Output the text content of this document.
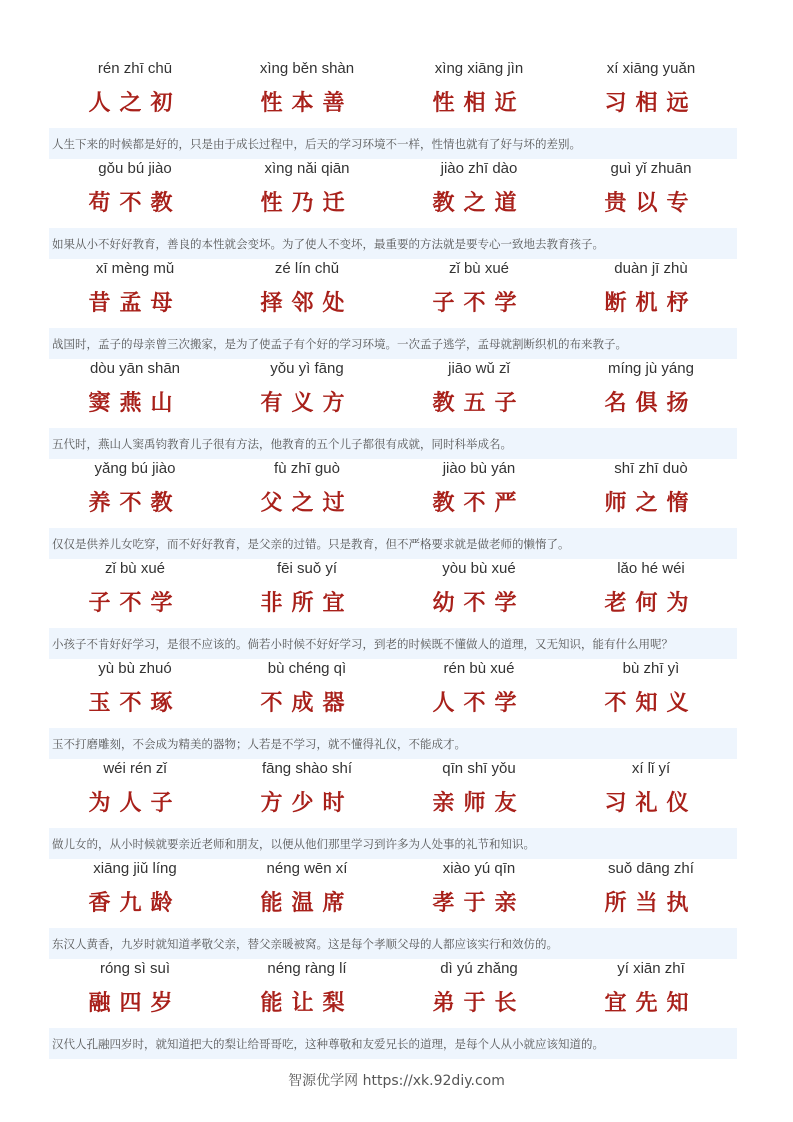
rén zhī chū	xìng běn shàn	xìng xiāng jìn	xí xiāng yuǎn
人之初	性本善	性相近	习相远
人生下来的时候都是好的，只是由于成长过程中，后天的学习环境不一样，性情也就有了好与坏的差别。
gǒu bú jiào	xìng nǎi qiān	jiào zhī dào	guì yǐ zhuān
苟不教	性乃迁	教之道	贵以专
如果从小不好好教育，善良的本性就会变坏。为了使人不变坏，最重要的方法就是要专心一致地去教育孩子。
xī mèng mǔ	zé lín chǔ	zǐ bù xué	duàn jī zhù
昔孟母	择邻处	子不学	断机杼
战国时，孟子的母亲曾三次搬家，是为了使孟子有个好的学习环境。一次孟子逃学，孟母就割断织机的布来教子。
dòu yān shān	yǒu yì fāng	jiāo wǔ zǐ	míng jù yáng
窦燕山	有义方	教五子	名俱扬
五代时，燕山人窦禹钧教育儿子很有方法，他教育的五个儿子都很有成就，同时科举成名。
yǎng bú jiào	fù zhī guò	jiào bù yán	shī zhī duò
养不教	父之过	教不严	师之惰
仅仅是供养儿女吃穿，而不好好教育，是父亲的过错。只是教育，但不严格要求就是做老师的懒惰了。
zǐ bù xué	fēi suǒ yí	yòu bù xué	lǎo hé wéi
子不学	非所宜	幼不学	老何为
小孩子不肯好好学习，是很不应该的。倘若小时候不好好学习，到老的时候既不懂做人的道理，又无知识，能有什么用呢？
yù bù zhuó	bù chéng qì	rén bù xué	bù zhī yì
玉不琢	不成器	人不学	不知义
玉不打磨雕刻，不会成为精美的器物；人若是不学习，就不懂得礼仪，不能成才。
wéi rén zǐ	fāng shào shí	qīn shī yǒu	xí lǐ yí
为人子	方少时	亲师友	习礼仪
做儿女的，从小时候就要亲近老师和朋友，以便从他们那里学习到许多为人处事的礼节和知识。
xiāng jiǔ líng	néng wēn xí	xiào yú qīn	suǒ dāng zhí
香九龄	能温席	孝于亲	所当执
东汉人黄香，九岁时就知道孝敬父亲，替父亲暖被窝。这是每个孝顺父母的人都应该实行和效仿的。
róng sì suì	néng ràng lí	dì yú zhǎng	yí xiān zhī
融四岁	能让梨	弟于长	宜先知
汉代人孔融四岁时，就知道把大的梨让给哥哥吃，这种尊敬和友爱兄长的道理，是每个人从小就应该知道的。
智源优学网 https://xk.92diy.com
